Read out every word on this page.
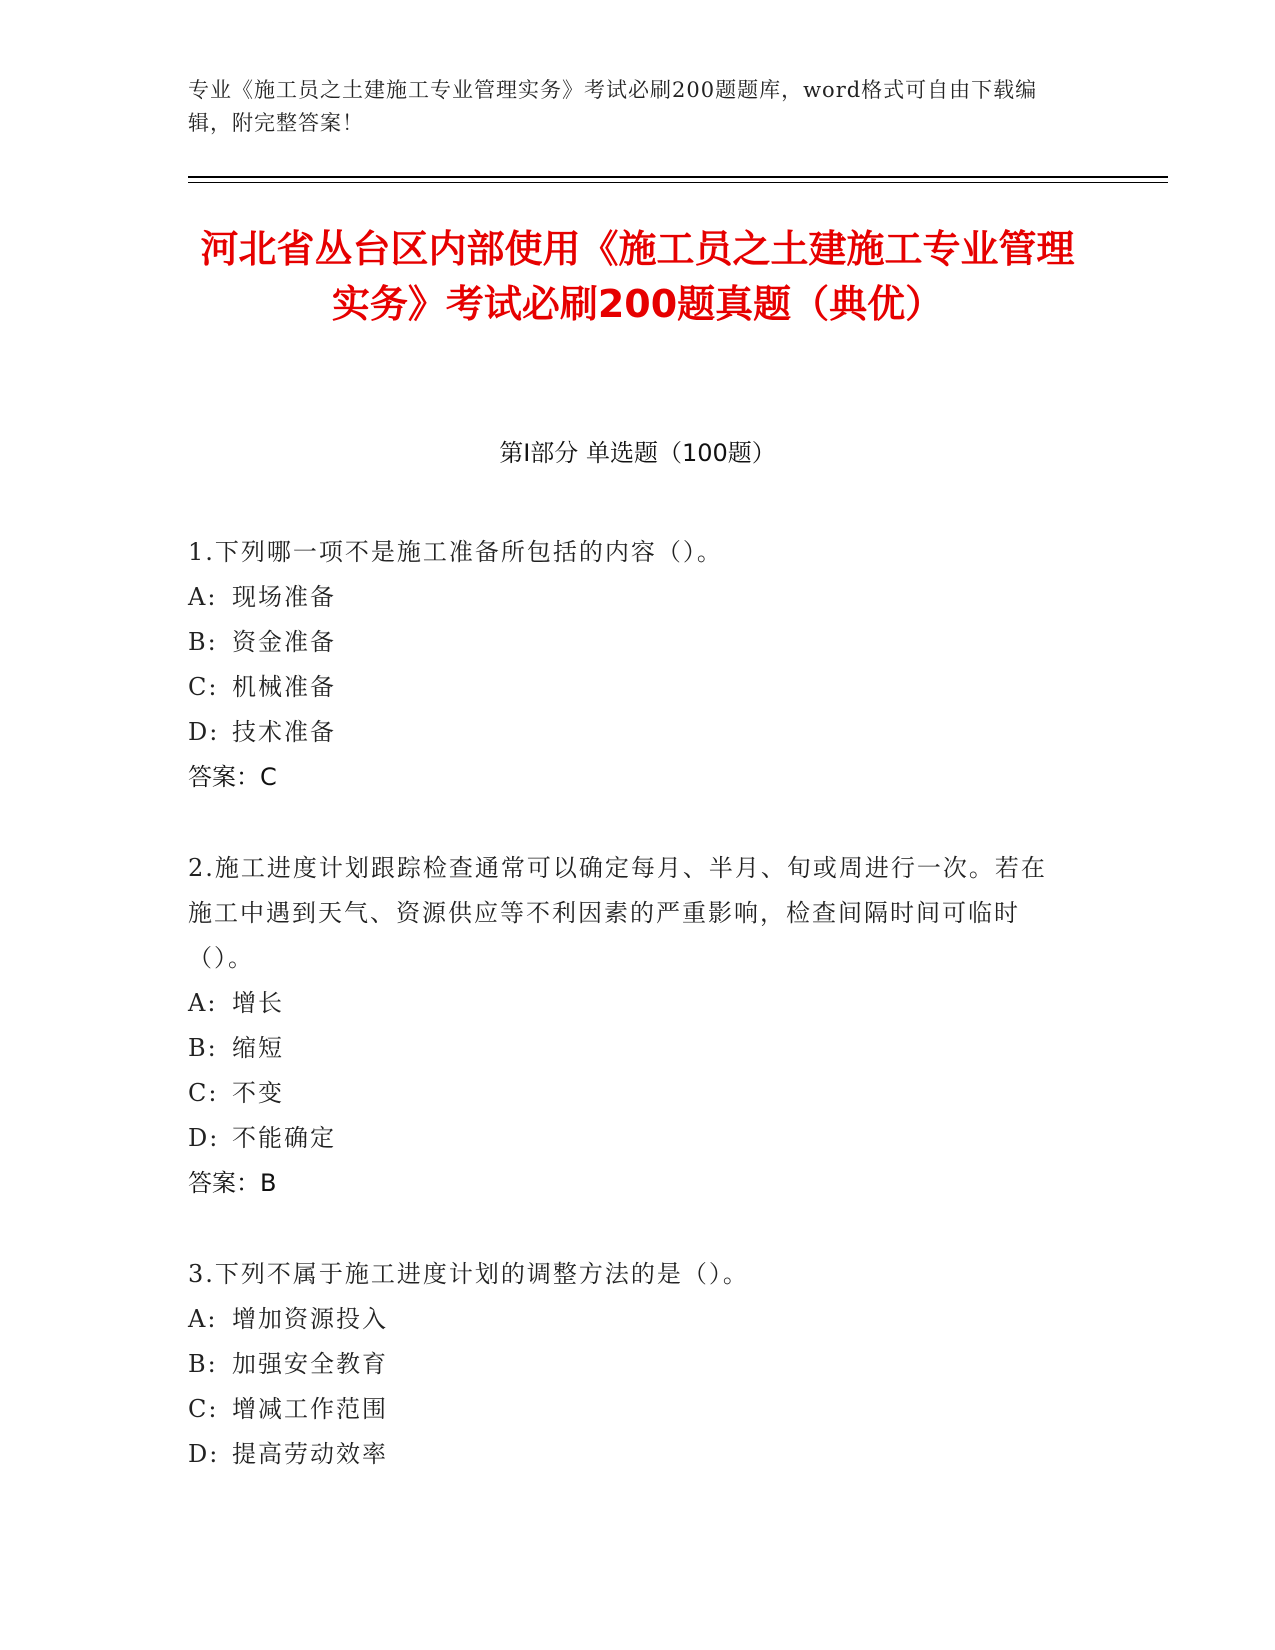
专业《施工员之土建施工专业管理实务》考试必刷200题题库，word格式可自由下载编辑，附完整答案！
河北省丛台区内部使用《施工员之土建施工专业管理实务》考试必刷200题真题（典优）
第Ⅰ部分 单选题（100题）
1.下列哪一项不是施工准备所包括的内容（）。
A: 现场准备
B: 资金准备
C: 机械准备
D: 技术准备
答案：C
2.施工进度计划跟踪检查通常可以确定每月、半月、旬或周进行一次。若在施工中遇到天气、资源供应等不利因素的严重影响，检查间隔时间可临时（）。
A: 增长
B: 缩短
C: 不变
D: 不能确定
答案：B
3.下列不属于施工进度计划的调整方法的是（）。
A: 增加资源投入
B: 加强安全教育
C: 增减工作范围
D: 提高劳动效率
